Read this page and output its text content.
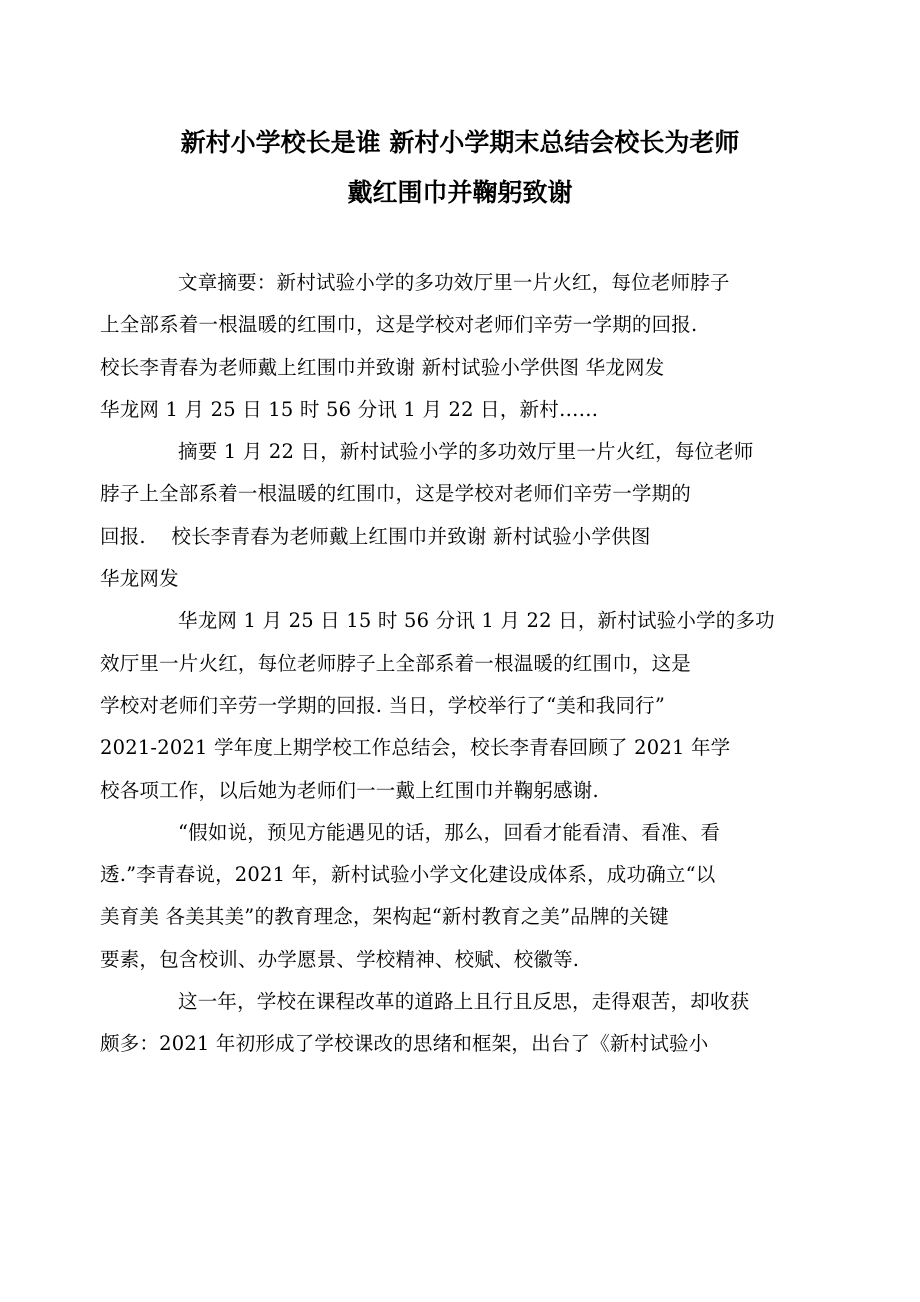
新村小学校长是谁 新村小学期末总结会校长为老师
戴红围巾并鞠躬致谢

文章摘要：新村试验小学的多功效厅里一片火红，每位老师脖子
上全部系着一根温暖的红围巾，这是学校对老师们辛劳一学期的回报.
校长李青春为老师戴上红围巾并致谢 新村试验小学供图 华龙网发
华龙网 1 月 25 日 15 时 56 分讯 1 月 22 日，新村……

摘要 1 月 22 日，新村试验小学的多功效厅里一片火红，每位老师
脖子上全部系着一根温暖的红围巾，这是学校对老师们辛劳一学期的
回报.    校长李青春为老师戴上红围巾并致谢 新村试验小学供图
华龙网发

华龙网 1 月 25 日 15 时 56 分讯 1 月 22 日，新村试验小学的多功
效厅里一片火红，每位老师脖子上全部系着一根温暖的红围巾，这是
学校对老师们辛劳一学期的回报. 当日，学校举行了“美和我同行”
2021-2021 学年度上期学校工作总结会，校长李青春回顾了 2021 年学
校各项工作，以后她为老师们一一戴上红围巾并鞠躬感谢.

“假如说，预见方能遇见的话，那么，回看才能看清、看准、看
透.”李青春说，2021 年，新村试验小学文化建设成体系，成功确立“以
美育美 各美其美”的教育理念，架构起“新村教育之美”品牌的关键
要素，包含校训、办学愿景、学校精神、校赋、校徽等.

这一年，学校在课程改革的道路上且行且反思，走得艰苦，却收获
颇多：2021 年初形成了学校课改的思绪和框架，出台了《新村试验小
